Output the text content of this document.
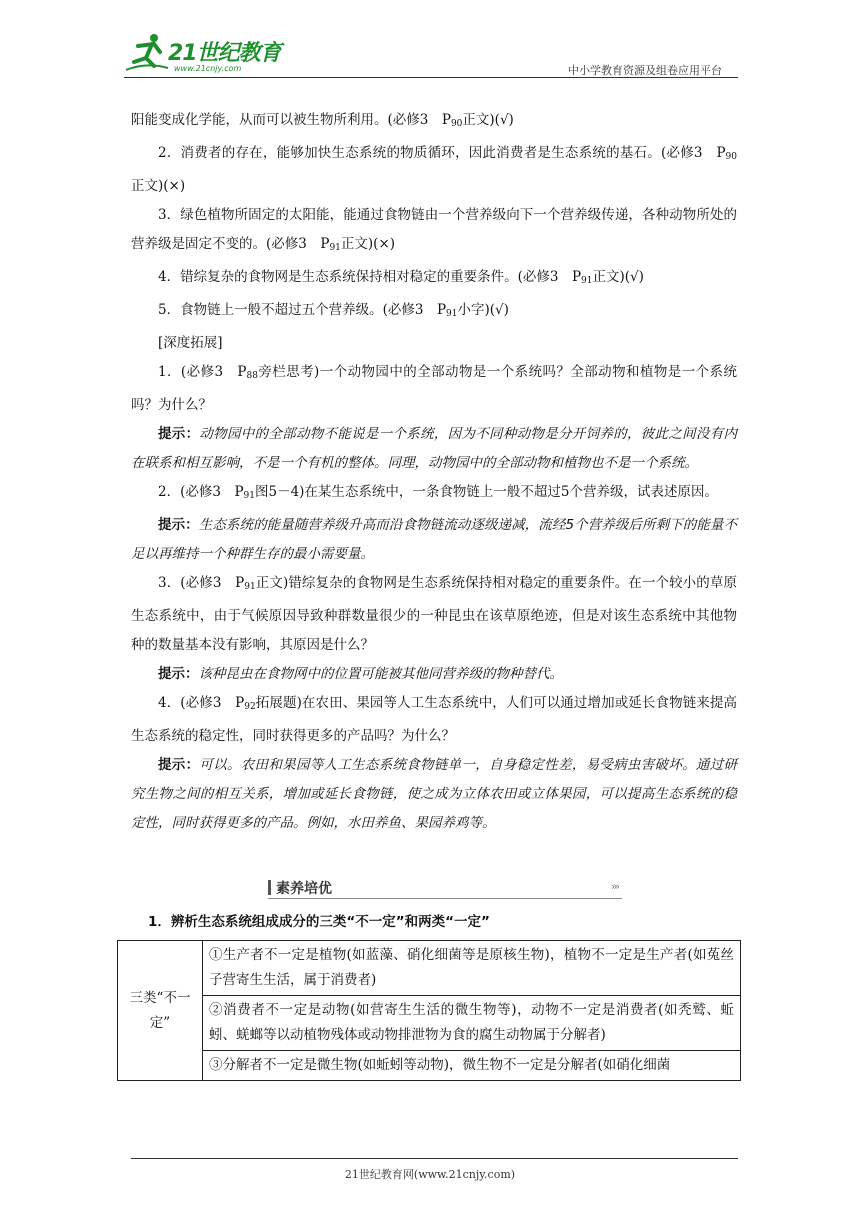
21世纪教育
www.21cnjy.com	中小学教育资源及组卷应用平台

阳能变成化学能，从而可以被生物所利用。(必修3　$P_{90}$正文)(√)

2．消费者的存在，能够加快生态系统的物质循环，因此消费者是生态系统的基石。(必修3　$P_{90}$正文)(×)

3．绿色植物所固定的太阳能，能通过食物链由一个营养级向下一个营养级传递，各种动物所处的营养级是固定不变的。(必修3　$P_{91}$正文)(×)

4．错综复杂的食物网是生态系统保持相对稳定的重要条件。(必修3　$P_{91}$正文)(√)

5．食物链上一般不超过五个营养级。(必修3　$P_{91}$小字)(√)

[深度拓展]

1．(必修3　$P_{88}$旁栏思考)一个动物园中的全部动物是一个系统吗？全部动物和植物是一个系统吗？为什么？

提示：动物园中的全部动物不能说是一个系统，因为不同种动物是分开饲养的，彼此之间没有内在联系和相互影响，不是一个有机的整体。同理，动物园中的全部动物和植物也不是一个系统。

2．(必修3　$P_{91}$图5－4)在某生态系统中，一条食物链上一般不超过5个营养级，试表述原因。

提示：生态系统的能量随营养级升高而沿食物链流动逐级递减，流经5个营养级后所剩下的能量不足以再维持一个种群生存的最小需要量。

3．(必修3　$P_{91}$正文)错综复杂的食物网是生态系统保持相对稳定的重要条件。在一个较小的草原生态系统中，由于气候原因导致种群数量很少的一种昆虫在该草原绝迹，但是对该生态系统中其他物种的数量基本没有影响，其原因是什么？

提示：该种昆虫在食物网中的位置可能被其他同营养级的物种替代。

4．(必修3　$P_{92}$拓展题)在农田、果园等人工生态系统中，人们可以通过增加或延长食物链来提高生态系统的稳定性，同时获得更多的产品吗？为什么？

提示：可以。农田和果园等人工生态系统食物链单一，自身稳定性差，易受病虫害破坏。通过研究生物之间的相互关系，增加或延长食物链，使之成为立体农田或立体果园，可以提高生态系统的稳定性，同时获得更多的产品。例如，水田养鱼、果园养鸡等。

素养培优	›››
1．辨析生态系统组成成分的三类“不一定”和两类“一定”
三类“不一定”	①生产者不一定是植物(如蓝藻、硝化细菌等是原核生物)，植物不一定是生产者(如菟丝子营寄生生活，属于消费者)
②消费者不一定是动物(如营寄生生活的微生物等)，动物不一定是消费者(如秃鹫、蚯蚓、蜣螂等以动植物残体或动物排泄物为食的腐生动物属于分解者)
③分解者不一定是微生物(如蚯蚓等动物)，微生物不一定是分解者(如硝化细菌
21世纪教育网(www.21cnjy.com)
